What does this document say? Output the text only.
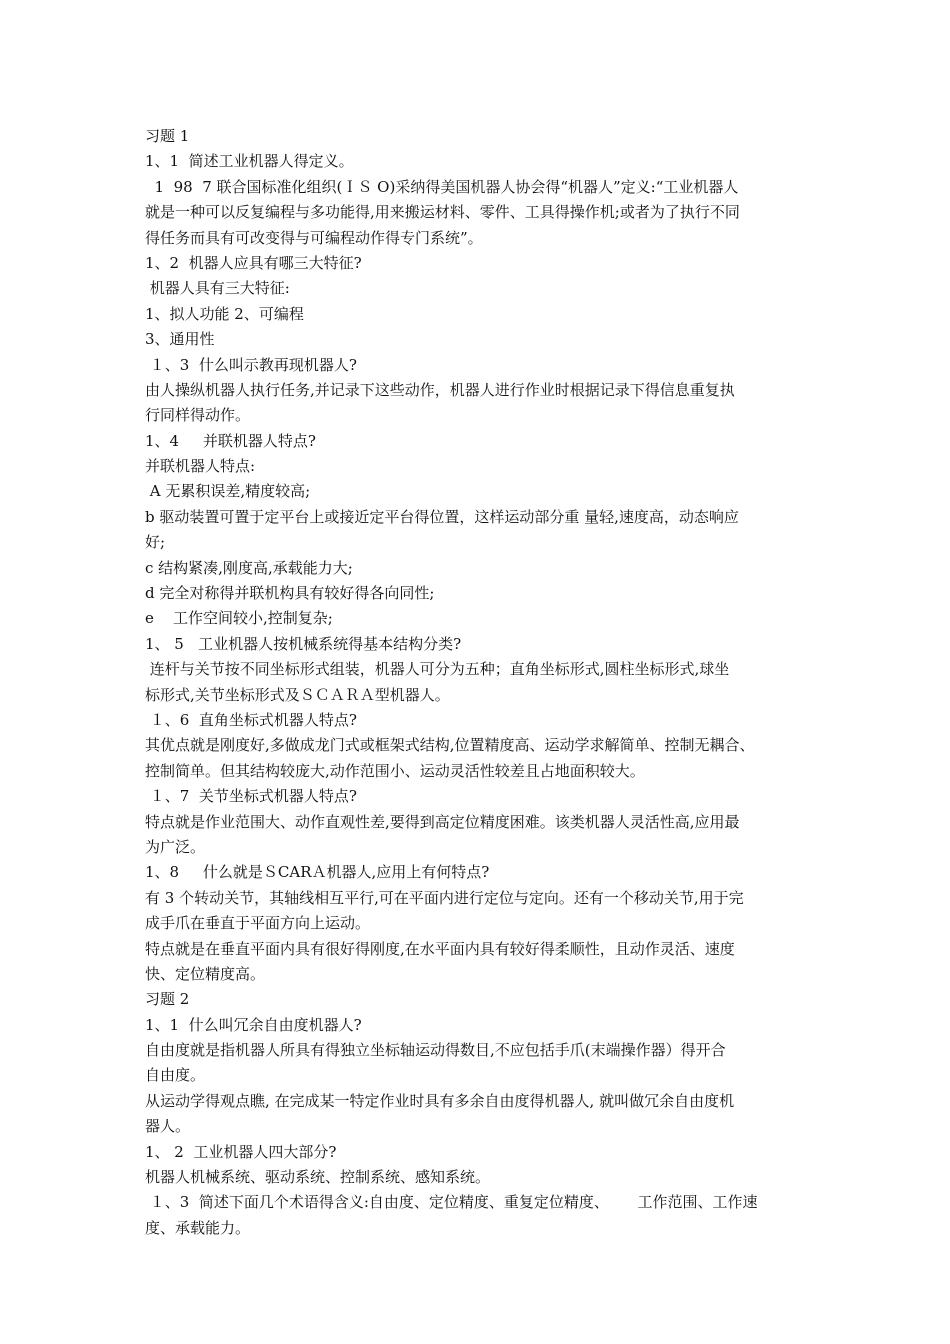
习题 1

1、1  简述工业机器人得定义。

1  98  7 联合国标准化组织(ＩＳ O)采纳得美国机器人协会得“机器人”定义:“工业机器人

就是一种可以反复编程与多功能得,用来搬运材料、零件、工具得操作机;或者为了执行不同

得任务而具有可改变得与可编程动作得专门系统”。

1、2  机器人应具有哪三大特征?

机器人具有三大特征:

1、拟人功能 2、可编程

3、通用性

１、3  什么叫示教再现机器人?

由人操纵机器人执行任务,并记录下这些动作，机器人进行作业时根据记录下得信息重复执

行同样得动作。

1、4     并联机器人特点?

并联机器人特点:

A 无累积误差,精度较高;

b 驱动装置可置于定平台上或接近定平台得位置，这样运动部分重 量轻,速度高，动态响应

好;

c 结构紧凑,刚度高,承载能力大;

d 完全对称得并联机构具有较好得各向同性;

e    工作空间较小,控制复杂;

1、 5   工业机器人按机械系统得基本结构分类?

连杆与关节按不同坐标形式组装，机器人可分为五种；直角坐标形式,圆柱坐标形式,球坐

标形式,关节坐标形式及ＳＣＡＲＡ型机器人。

１、6  直角坐标式机器人特点?

其优点就是刚度好,多做成龙门式或框架式结构,位置精度高、运动学求解简单、控制无耦合、

控制简单。但其结构较庞大,动作范围小、运动灵活性较差且占地面积较大。

１、7  关节坐标式机器人特点?

特点就是作业范围大、动作直观性差,要得到高定位精度困难。该类机器人灵活性高,应用最

为广泛。

1、8     什么就是ＳCARＡ机器人,应用上有何特点?

有 3 个转动关节，其轴线相互平行,可在平面内进行定位与定向。还有一个移动关节,用于完

成手爪在垂直于平面方向上运动。

特点就是在垂直平面内具有很好得刚度,在水平面内具有较好得柔顺性，且动作灵活、速度

快、定位精度高。

习题 2

1、1  什么叫冗余自由度机器人?

自由度就是指机器人所具有得独立坐标轴运动得数目,不应包括手爪(末端操作器）得开合

自由度。

从运动学得观点瞧, 在完成某一特定作业时具有多余自由度得机器人, 就叫做冗余自由度机

器人。

1、 2  工业机器人四大部分?

机器人机械系统、驱动系统、控制系统、感知系统。

１、3  简述下面几个术语得含义:自由度、定位精度、重复定位精度、      工作范围、工作速

度、承载能力。
